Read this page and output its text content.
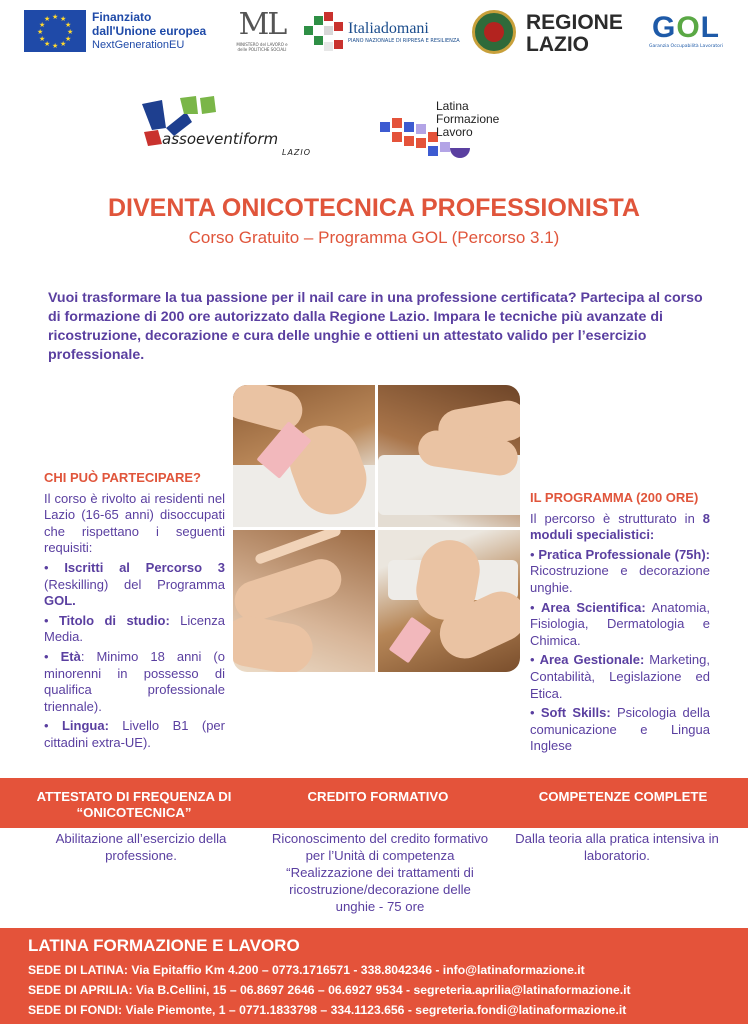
★ ★
★
★
★
★
★
★
★
★
★
★	Finanziato
dall'Unione europea
NextGenerationEU
ML
MINISTERO del LAVORO e delle POLITICHE SOCIALI
Italiadomani
PIANO NAZIONALE DI RIPRESA E RESILIENZA
REGIONE
LAZIO
GOL
Garanzia Occupabilità Lavoratori
assoeventiform
LAZIO
Latina
Formazione
Lavoro
DIVENTA ONICOTECNICA PROFESSIONISTA
Corso Gratuito – Programma GOL (Percorso 3.1)
Vuoi trasformare la tua passione per il nail care in una professione certificata? Partecipa al corso di formazione di 200 ore autorizzato dalla Regione Lazio. Impara le tecniche più avanzate di ricostruzione, decorazione e cura delle unghie e ottieni un attestato valido per l’esercizio professionale.
CHI PUÒ PARTECIPARE?

Il corso è rivolto ai residenti nel Lazio (16-65 anni) disoccupati che rispettano i seguenti requisiti:

• Iscritti al Percorso 3 (Reskilling) del Programma GOL.

• Titolo di studio: Licenza Media.

• Età: Minimo 18 anni (o minorenni in possesso di qualifica professionale triennale).

• Lingua: Livello B1 (per cittadini extra-UE).

IL PROGRAMMA (200 ORE)

Il percorso è strutturato in 8 moduli specialistici:

• Pratica Professionale (75h): Ricostruzione e decorazione unghie.

• Area Scientifica: Anatomia, Fisiologia, Dermatologia e Chimica.

• Area Gestionale: Marketing, Contabilità, Legislazione ed Etica.

• Soft Skills: Psicologia della comunicazione e Lingua Inglese

ATTESTATO DI FREQUENZA DI “ONICOTECNICA”
CREDITO FORMATIVO	COMPETENZE COMPLETE
Abilitazione all’esercizio della professione.
Riconoscimento del credito formativo per l’Unità di competenza “Realizzazione dei trattamenti di ricostruzione/decorazione delle unghie - 75 ore
Dalla teoria alla pratica intensiva in laboratorio.
LATINA FORMAZIONE E LAVORO
SEDE DI LATINA: Via Epitaffio Km 4.200 – 0773.1716571 - 338.8042346 - info@latinaformazione.it
SEDE DI APRILIA: Via B.Cellini, 15 – 06.8697 2646 – 06.6927 9534 - segreteria.aprilia@latinaformazione.it
SEDE DI FONDI: Viale Piemonte, 1 – 0771.1833798 – 334.1123.656 - segreteria.fondi@latinaformazione.it
